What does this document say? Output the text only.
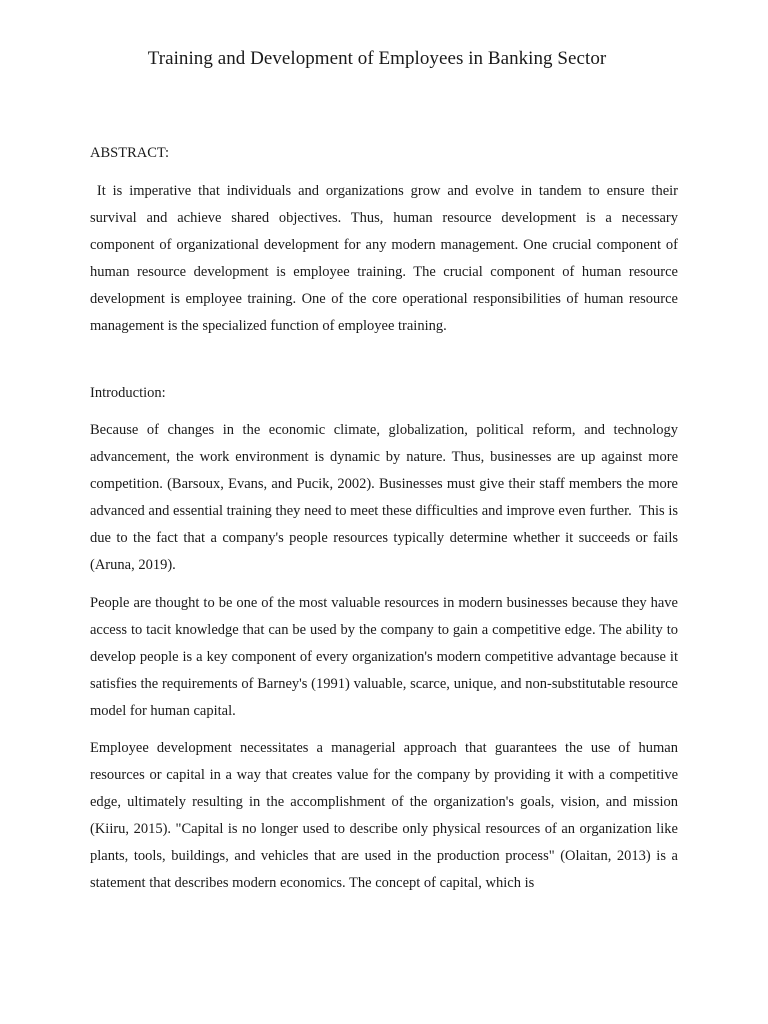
Training and Development of Employees in Banking Sector

ABSTRACT:

It is imperative that individuals and organizations grow and evolve in tandem to ensure their survival and achieve shared objectives. Thus, human resource development is a necessary component of organizational development for any modern management. One crucial component of human resource development is employee training. The crucial component of human resource development is employee training. One of the core operational responsibilities of human resource management is the specialized function of employee training.

Introduction:

Because of changes in the economic climate, globalization, political reform, and technology advancement, the work environment is dynamic by nature. Thus, businesses are up against more competition. (Barsoux, Evans, and Pucik, 2002). Businesses must give their staff members the more advanced and essential training they need to meet these difficulties and improve even further.  This is due to the fact that a company's people resources typically determine whether it succeeds or fails (Aruna, 2019).

People are thought to be one of the most valuable resources in modern businesses because they have access to tacit knowledge that can be used by the company to gain a competitive edge. The ability to develop people is a key component of every organization's modern competitive advantage because it satisfies the requirements of Barney's (1991) valuable, scarce, unique, and non-substitutable resource model for human capital.

Employee development necessitates a managerial approach that guarantees the use of human resources or capital in a way that creates value for the company by providing it with a competitive edge, ultimately resulting in the accomplishment of the organization's goals, vision, and mission (Kiiru, 2015). "Capital is no longer used to describe only physical resources of an organization like plants, tools, buildings, and vehicles that are used in the production process" (Olaitan, 2013) is a statement that describes modern economics. The concept of capital, which is
